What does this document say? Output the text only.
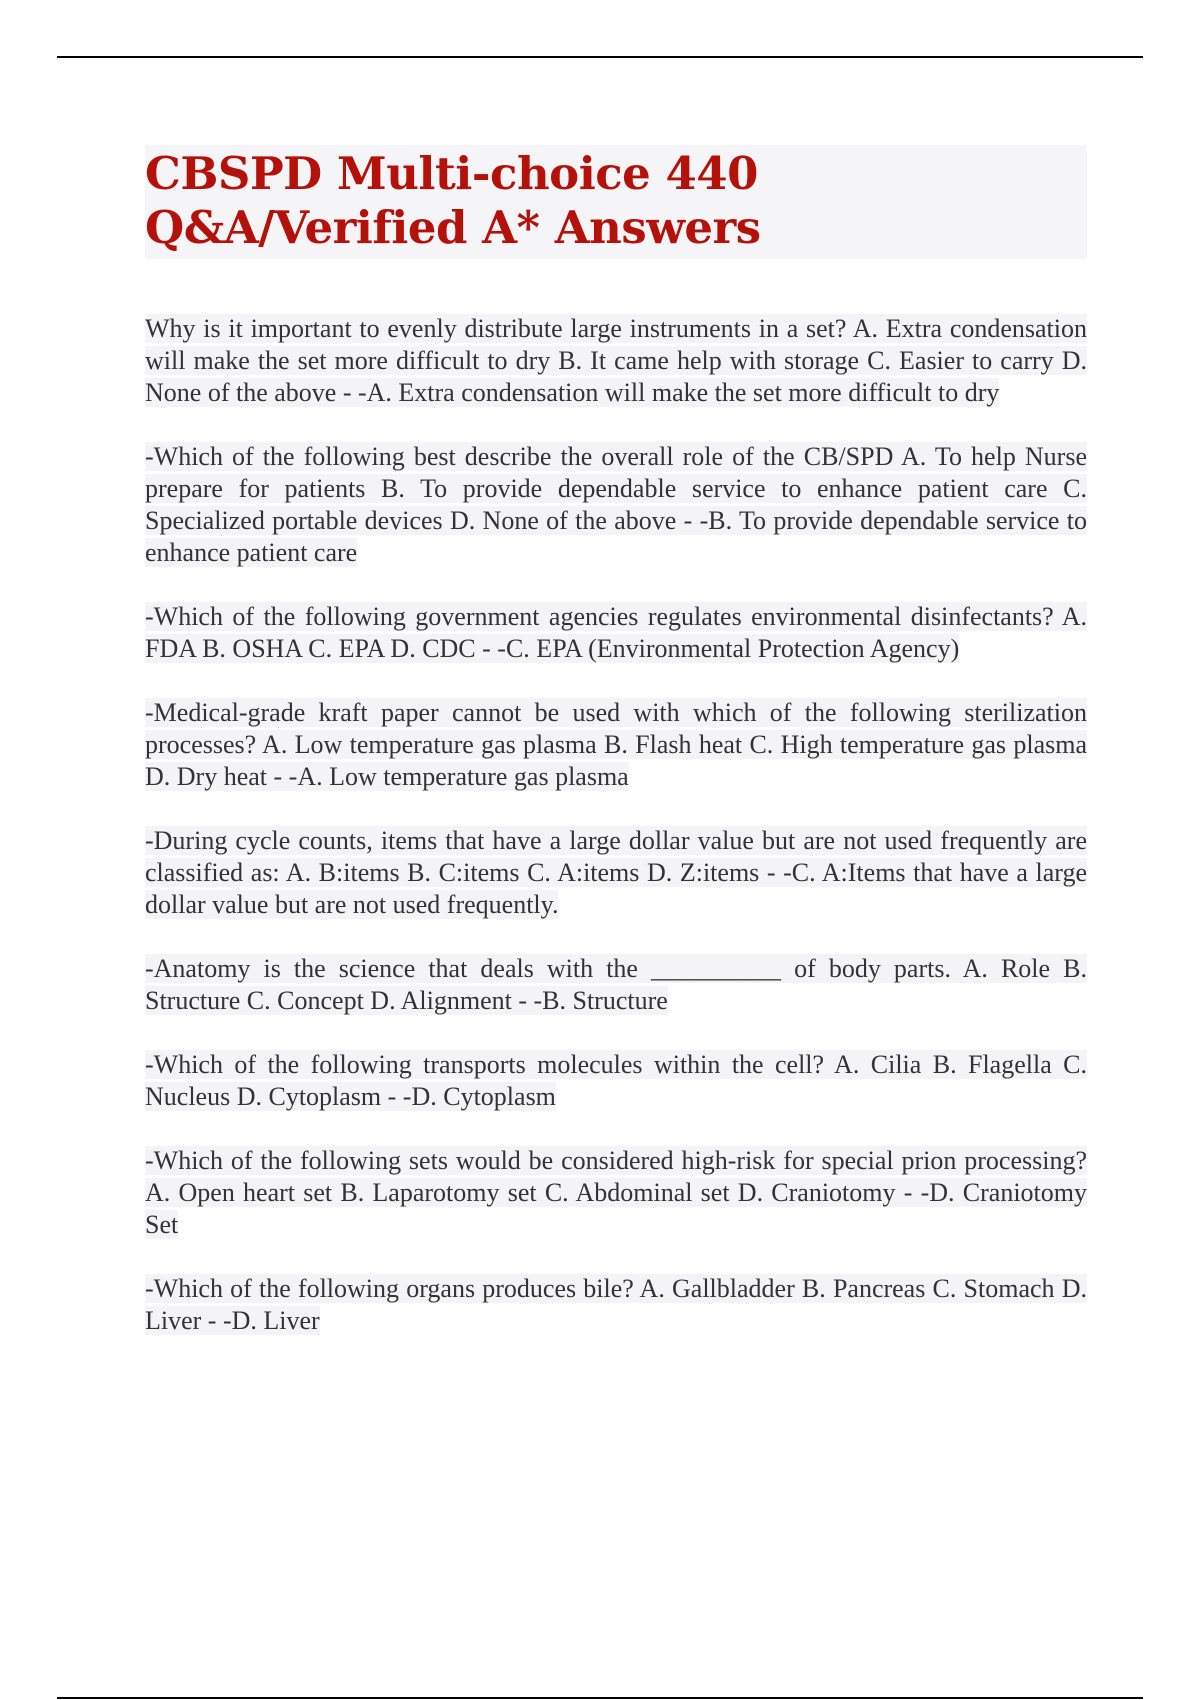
CBSPD Multi-choice 440
Q&A/Verified A* Answers

Why is it important to evenly distribute large instruments in a set? A. Extra condensation will make the set more difficult to dry B. It came help with storage C. Easier to carry D. None of the above - -A. Extra condensation will make the set more difficult to dry

-Which of the following best describe the overall role of the CB/SPD A. To help Nurse prepare for patients B. To provide dependable service to enhance patient care C. Specialized portable devices D. None of the above - -B. To provide dependable service to enhance patient care

-Which of the following government agencies regulates environmental disinfectants? A. FDA B. OSHA C. EPA D. CDC - -C. EPA (Environmental Protection Agency)

-Medical-grade kraft paper cannot be used with which of the following sterilization processes? A. Low temperature gas plasma B. Flash heat C. High temperature gas plasma D. Dry heat - -A. Low temperature gas plasma

-During cycle counts, items that have a large dollar value but are not used frequently are classified as: A. B:items B. C:items C. A:items D. Z:items - -C. A:Items that have a large dollar value but are not used frequently.

-Anatomy is the science that deals with the __________ of body parts. A. Role B. Structure C. Concept D. Alignment - -B. Structure

-Which of the following transports molecules within the cell? A. Cilia B. Flagella C. Nucleus D. Cytoplasm - -D. Cytoplasm

-Which of the following sets would be considered high-risk for special prion processing? A. Open heart set B. Laparotomy set C. Abdominal set D. Craniotomy - -D. Craniotomy Set

-Which of the following organs produces bile? A. Gallbladder B. Pancreas C. Stomach D. Liver - -D. Liver
